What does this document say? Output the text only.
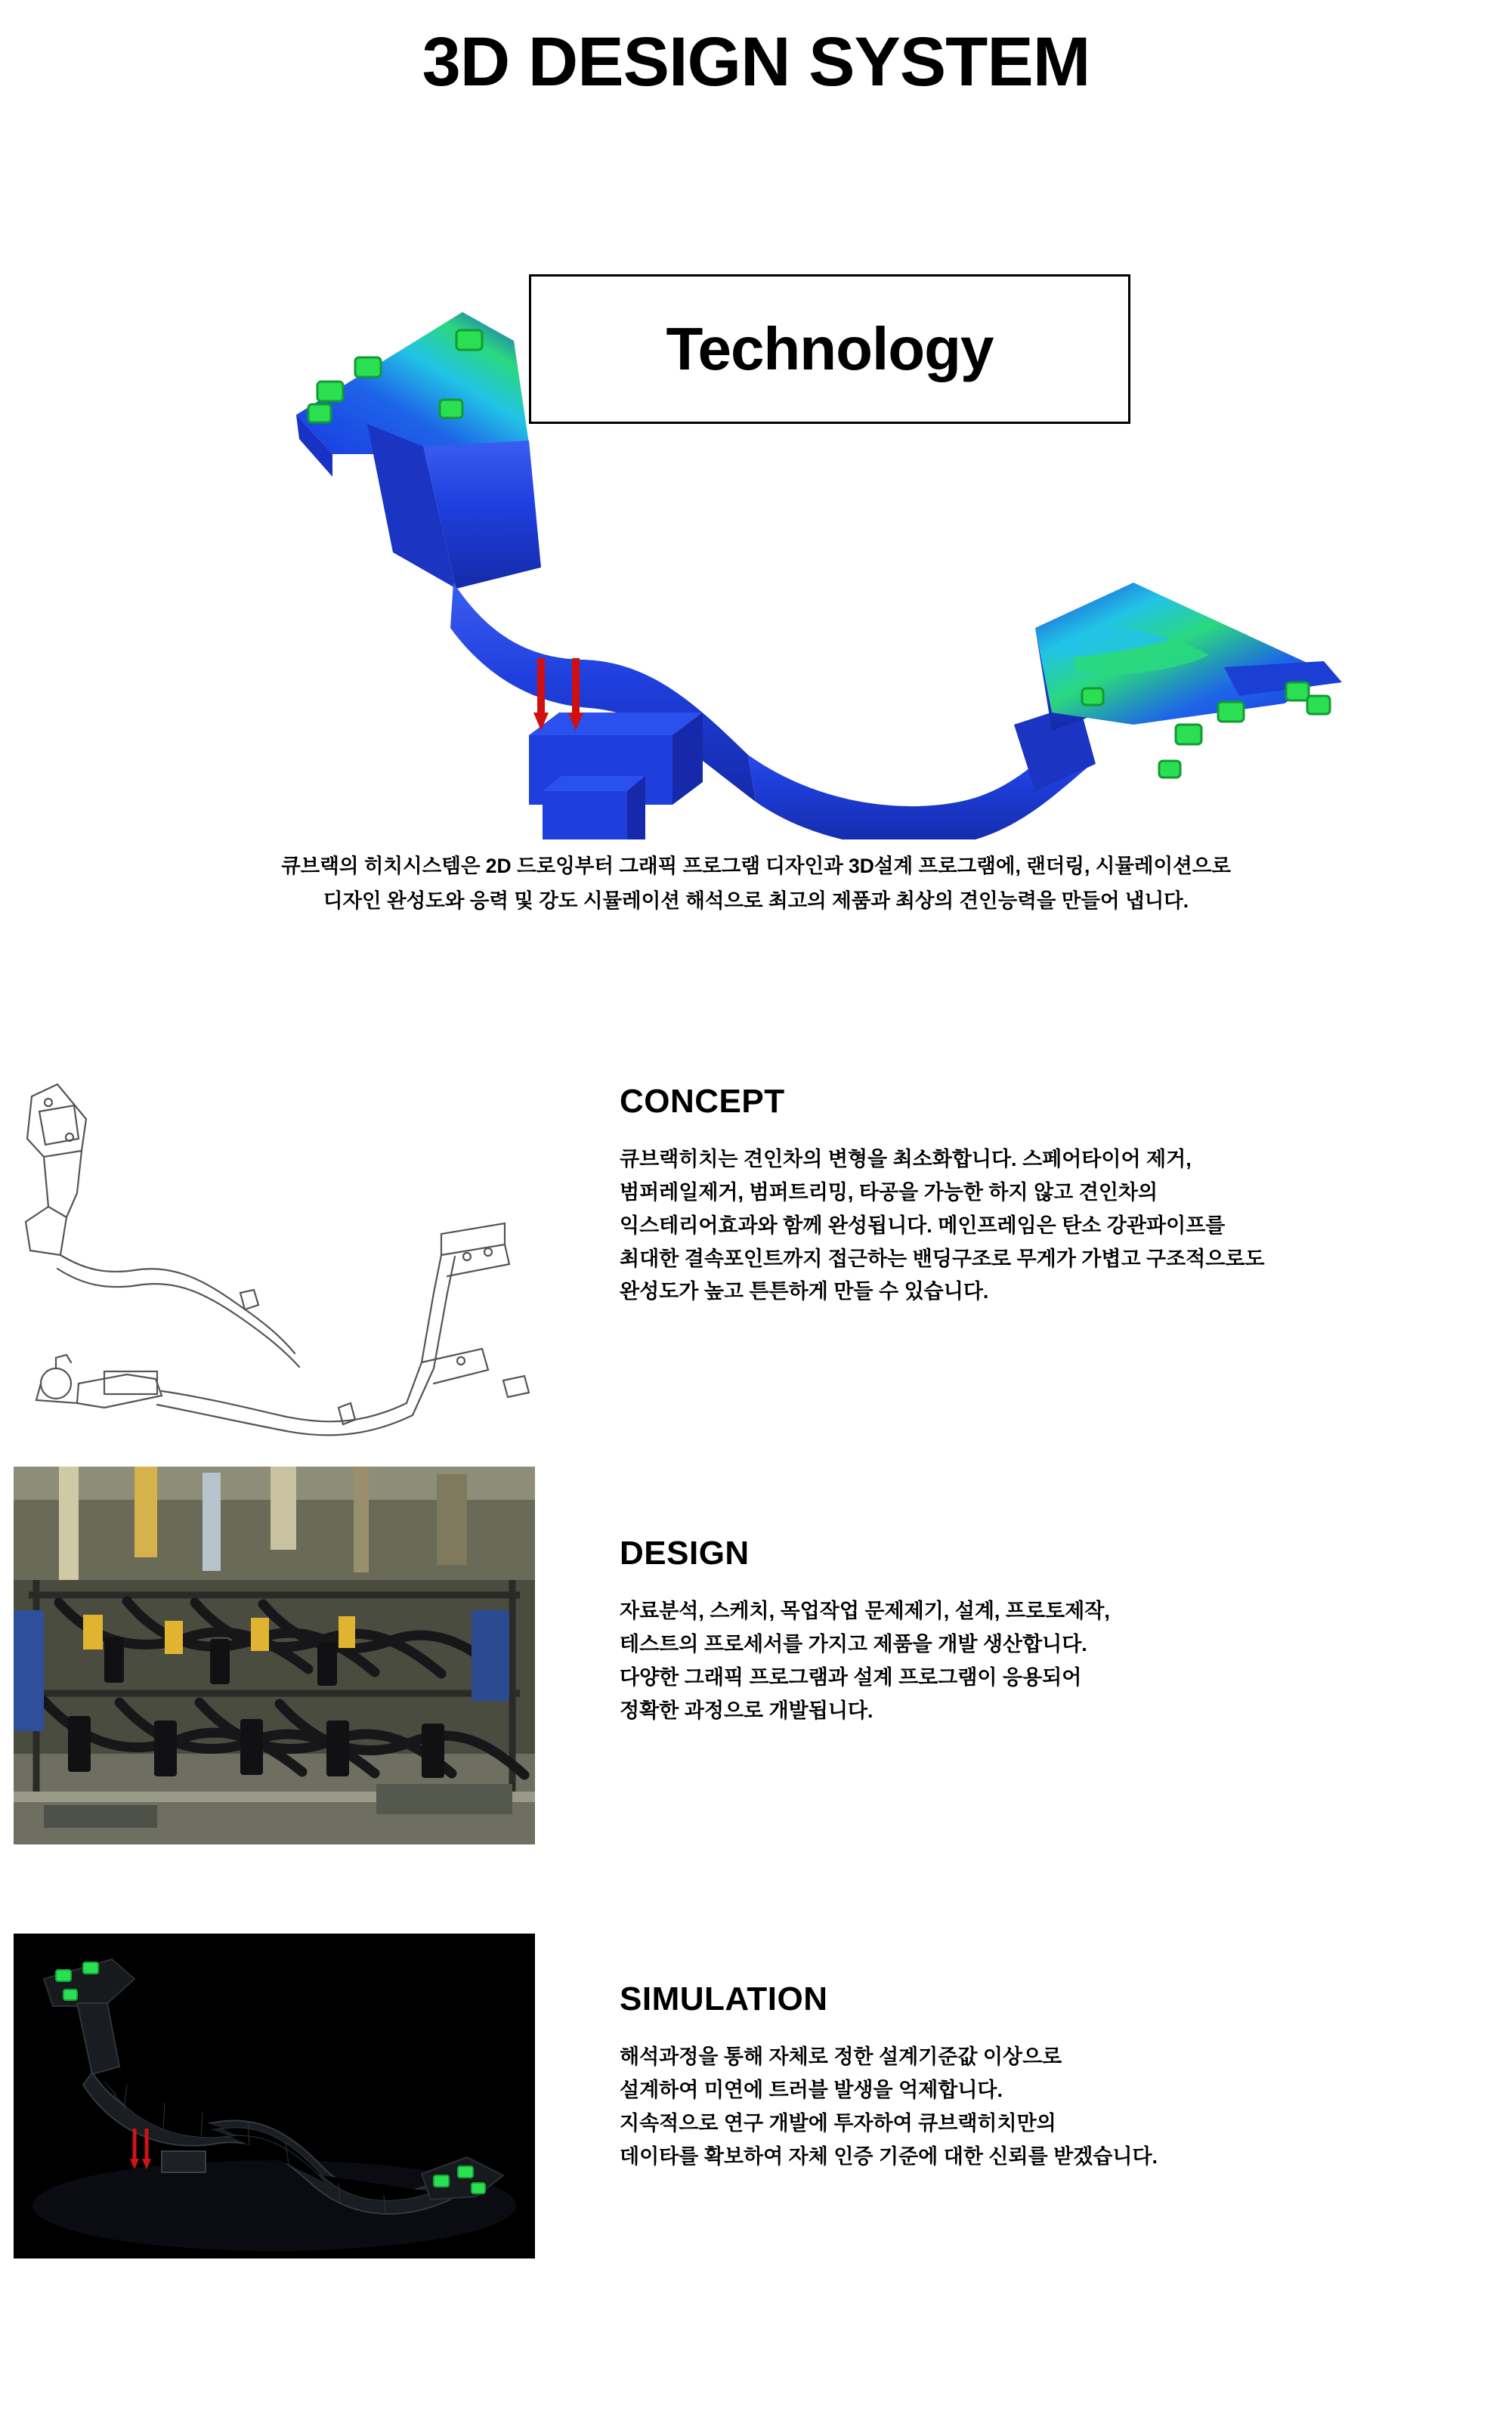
3D DESIGN SYSTEM
Technology
큐브랙의 히치시스템은 2D 드로잉부터 그래픽 프로그램 디자인과 3D설계 프로그램에, 랜더링, 시뮬레이션으로
디자인 완성도와 응력 및 강도 시뮬레이션 해석으로 최고의 제품과 최상의 견인능력을 만들어 냅니다.
CONCEPT
큐브랙히치는 견인차의 변형을 최소화합니다. 스페어타이어 제거,
범퍼레일제거, 범퍼트리밍, 타공을 가능한 하지 않고 견인차의
익스테리어효과와 함께 완성됩니다. 메인프레임은 탄소 강관파이프를
최대한 결속포인트까지 접근하는 밴딩구조로 무게가 가볍고 구조적으로도
완성도가 높고 튼튼하게 만들 수 있습니다.
DESIGN
자료분석, 스케치, 목업작업 문제제기, 설계, 프로토제작,
테스트의 프로세서를 가지고 제품을 개발 생산합니다.
다양한 그래픽 프로그램과 설계 프로그램이 응용되어
정확한 과정으로 개발됩니다.
SIMULATION
해석과정을 통해 자체로 정한 설계기준값 이상으로
설계하여 미연에 트러블 발생을 억제합니다.
지속적으로 연구 개발에 투자하여 큐브랙히치만의
데이타를 확보하여 자체 인증 기준에 대한 신뢰를 받겠습니다.
